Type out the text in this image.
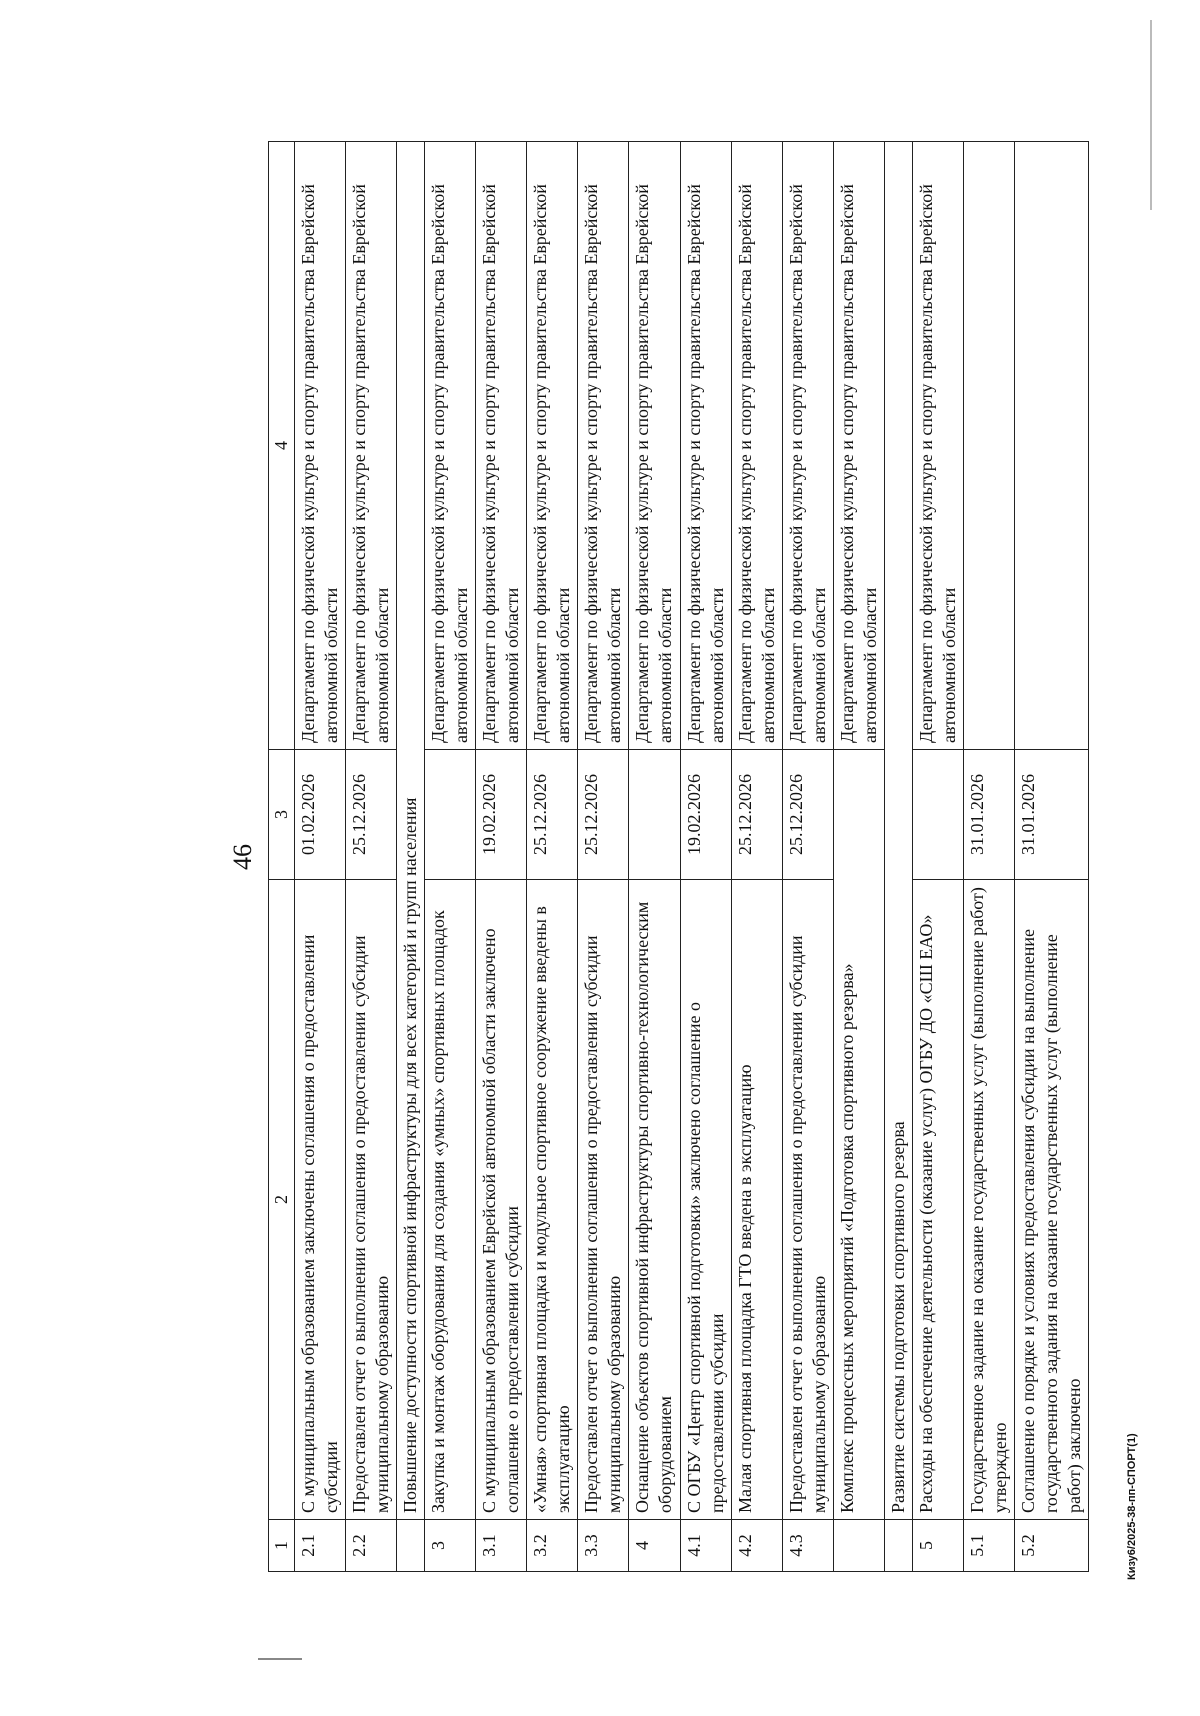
46
1	2	3	4
2.1	С муниципальным образованием заключены соглашения о предоставлении субсидии	01.02.2026	Департамент по физической культуре и спорту правительства Еврейской автономной области
2.2	Предоставлен отчет о выполнении соглашения о предоставлении субсидии муниципальному образованию	25.12.2026	Департамент по физической культуре и спорту правительства Еврейской автономной области
	Повышение доступности спортивной инфраструктуры для всех категорий и групп населения		
3	Закупка и монтаж оборудования для создания «умных» спортивных площадок		Департамент по физической культуре и спорту правительства Еврейской автономной области
3.1	С муниципальным образованием Еврейской автономной области заключено соглашение о предоставлении субсидии	19.02.2026	Департамент по физической культуре и спорту правительства Еврейской автономной области
3.2	«Умная» спортивная площадка и модульное спортивное сооружение введены в эксплуатацию	25.12.2026	Департамент по физической культуре и спорту правительства Еврейской автономной области
3.3	Предоставлен отчет о выполнении соглашения о предоставлении субсидии муниципальному образованию	25.12.2026	Департамент по физической культуре и спорту правительства Еврейской автономной области
4	Оснащение объектов спортивной инфраструктуры спортивно-технологическим оборудованием		Департамент по физической культуре и спорту правительства Еврейской автономной области
4.1	С ОГБУ «Центр спортивной подготовки» заключено соглашение о предоставлении субсидии	19.02.2026	Департамент по физической культуре и спорту правительства Еврейской автономной области
4.2	Малая спортивная площадка ГТО введена в эксплуатацию	25.12.2026	Департамент по физической культуре и спорту правительства Еврейской автономной области
4.3	Предоставлен отчет о выполнении соглашения о предоставлении субсидии муниципальному образованию	25.12.2026	Департамент по физической культуре и спорту правительства Еврейской автономной области
	Комплекс процессных мероприятий «Подготовка спортивного резерва»		Департамент по физической культуре и спорту правительства Еврейской автономной области
	Развитие системы подготовки спортивного резерва		
5	Расходы на обеспечение деятельности (оказание услуг) ОГБУ ДО «СШ ЕАО»		Департамент по физической культуре и спорту правительства Еврейской автономной области
5.1	Государственное задание на оказание государственных услуг (выполнение работ) утверждено	31.01.2026	
5.2	Соглашение о порядке и условиях предоставления субсидии на выполнение государственного задания на оказание государственных услуг (выполнение работ) заключено	31.01.2026	
Кизу6/2025-38-пп-СПОРТ(1)
